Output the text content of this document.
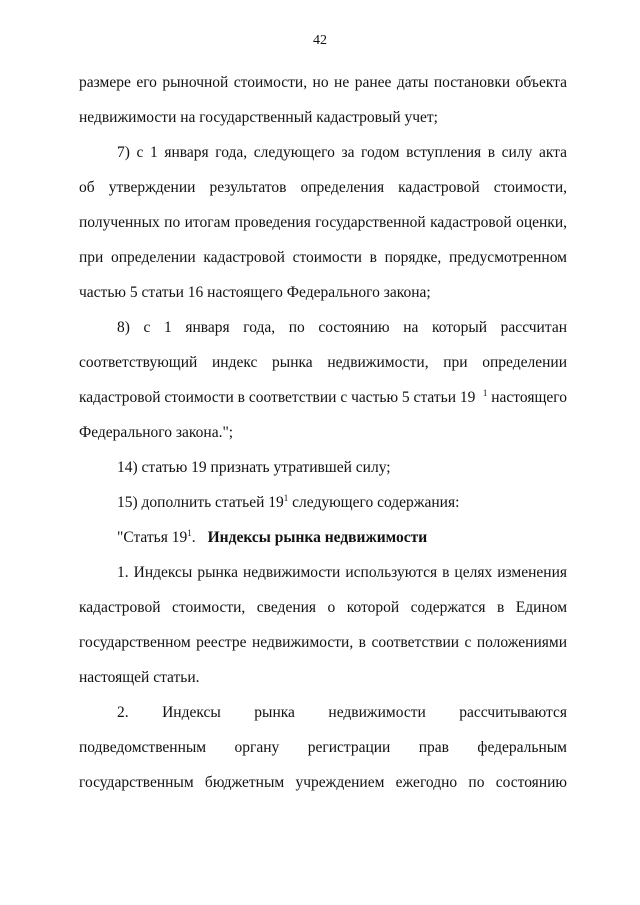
42
размере его рыночной стоимости, но не ранее даты постановки объекта
недвижимости на государственный кадастровый учет;
7) с 1 января года, следующего за годом вступления в силу акта
об утверждении результатов определения кадастровой стоимости,
полученных по итогам проведения государственной кадастровой оценки,
при определении кадастровой стоимости в порядке, предусмотренном
частью 5 статьи 16 настоящего Федерального закона;
8) с 1 января года, по состоянию на который рассчитан
соответствующий индекс рынка недвижимости, при определении
кадастровой стоимости в соответствии с частью 5 статьи 19 $^1$ настоящего
Федерального закона.";
14) статью 19 признать утратившей силу;
15) дополнить статьей $19^1$ следующего содержания:
"Статья $19^1$. Индексы рынка недвижимости
1. Индексы рынка недвижимости используются в целях изменения
кадастровой стоимости, сведения о которой содержатся в Едином
государственном реестре недвижимости, в соответствии с положениями
настоящей статьи.
2. Индексы рынка недвижимости рассчитываются
подведомственным органу регистрации прав федеральным
государственным бюджетным учреждением ежегодно по состоянию
